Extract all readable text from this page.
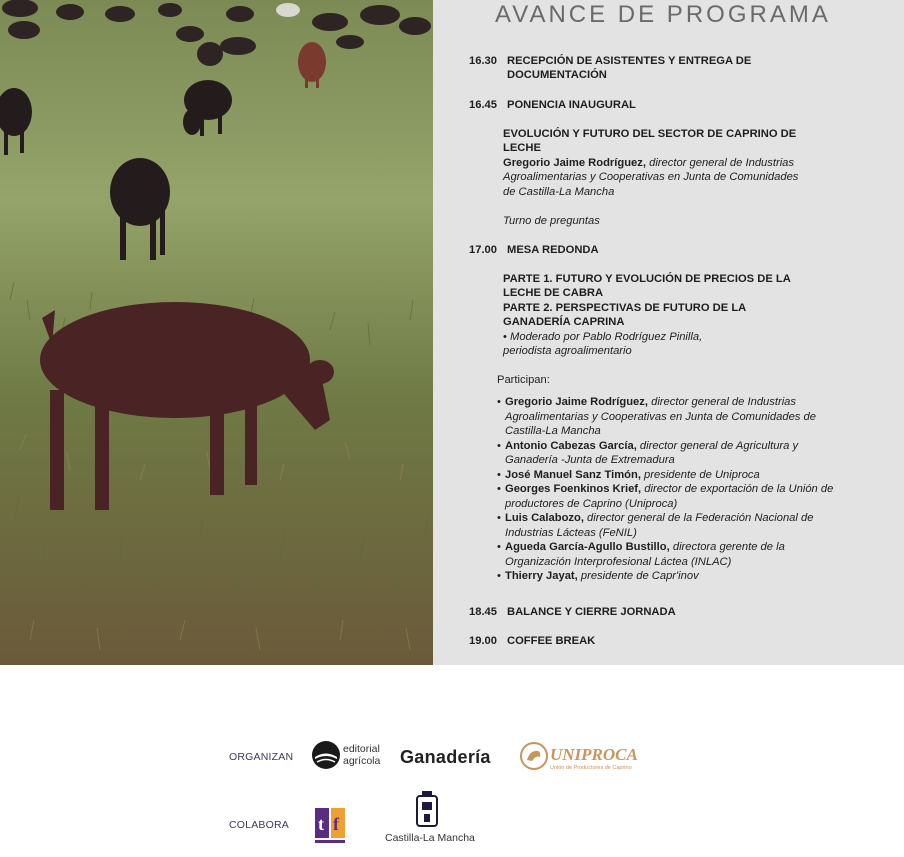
AVANCE DE PROGRAMA
16.30 RECEPCIÓN DE ASISTENTES Y ENTREGA DE
DOCUMENTACIÓN
16.45 PONENCIA INAUGURAL
EVOLUCIÓN Y FUTURO DEL SECTOR DE CAPRINO DE
LECHE
Gregorio Jaime Rodríguez, director general de Industrias
Agroalimentarias y Cooperativas en Junta de Comunidades
de Castilla-La Mancha
Turno de preguntas
17.00 MESA REDONDA
PARTE 1. FUTURO Y EVOLUCIÓN DE PRECIOS DE LA
LECHE DE CABRA
PARTE 2. PERSPECTIVAS DE FUTURO DE LA
GANADERÍA CAPRINA
• Moderado por Pablo Rodríguez Pinilla,
periodista agroalimentario
Participan:
• Gregorio Jaime Rodríguez, director general de Industrias Agroalimentarias y Cooperativas en Junta de Comunidades de Castilla-La Mancha
• Antonio Cabezas García, director general de Agricultura y Ganadería -Junta de Extremadura
• José Manuel Sanz Timón, presidente de Uniproca
• Georges Foenkinos Krief, director de exportación de la Unión de productores de Caprino (Uniproca)
• Luis Calabozo, director general de la Federación Nacional de Industrias Lácteas (FeNIL)
• Agueda García-Agullo Bustillo, directora gerente de la Organización Interprofesional Láctea (INLAC)
• Thierry Jayat, presidente de Capr'inov
18.45 BALANCE Y CIERRE JORNADA
19.00 COFFEE BREAK
ORGANIZAN
COLABORA
editorial
agrícola Ganadería	UNIPROCA
Unión de Productores de Caprino
t f
Castilla-La Mancha
